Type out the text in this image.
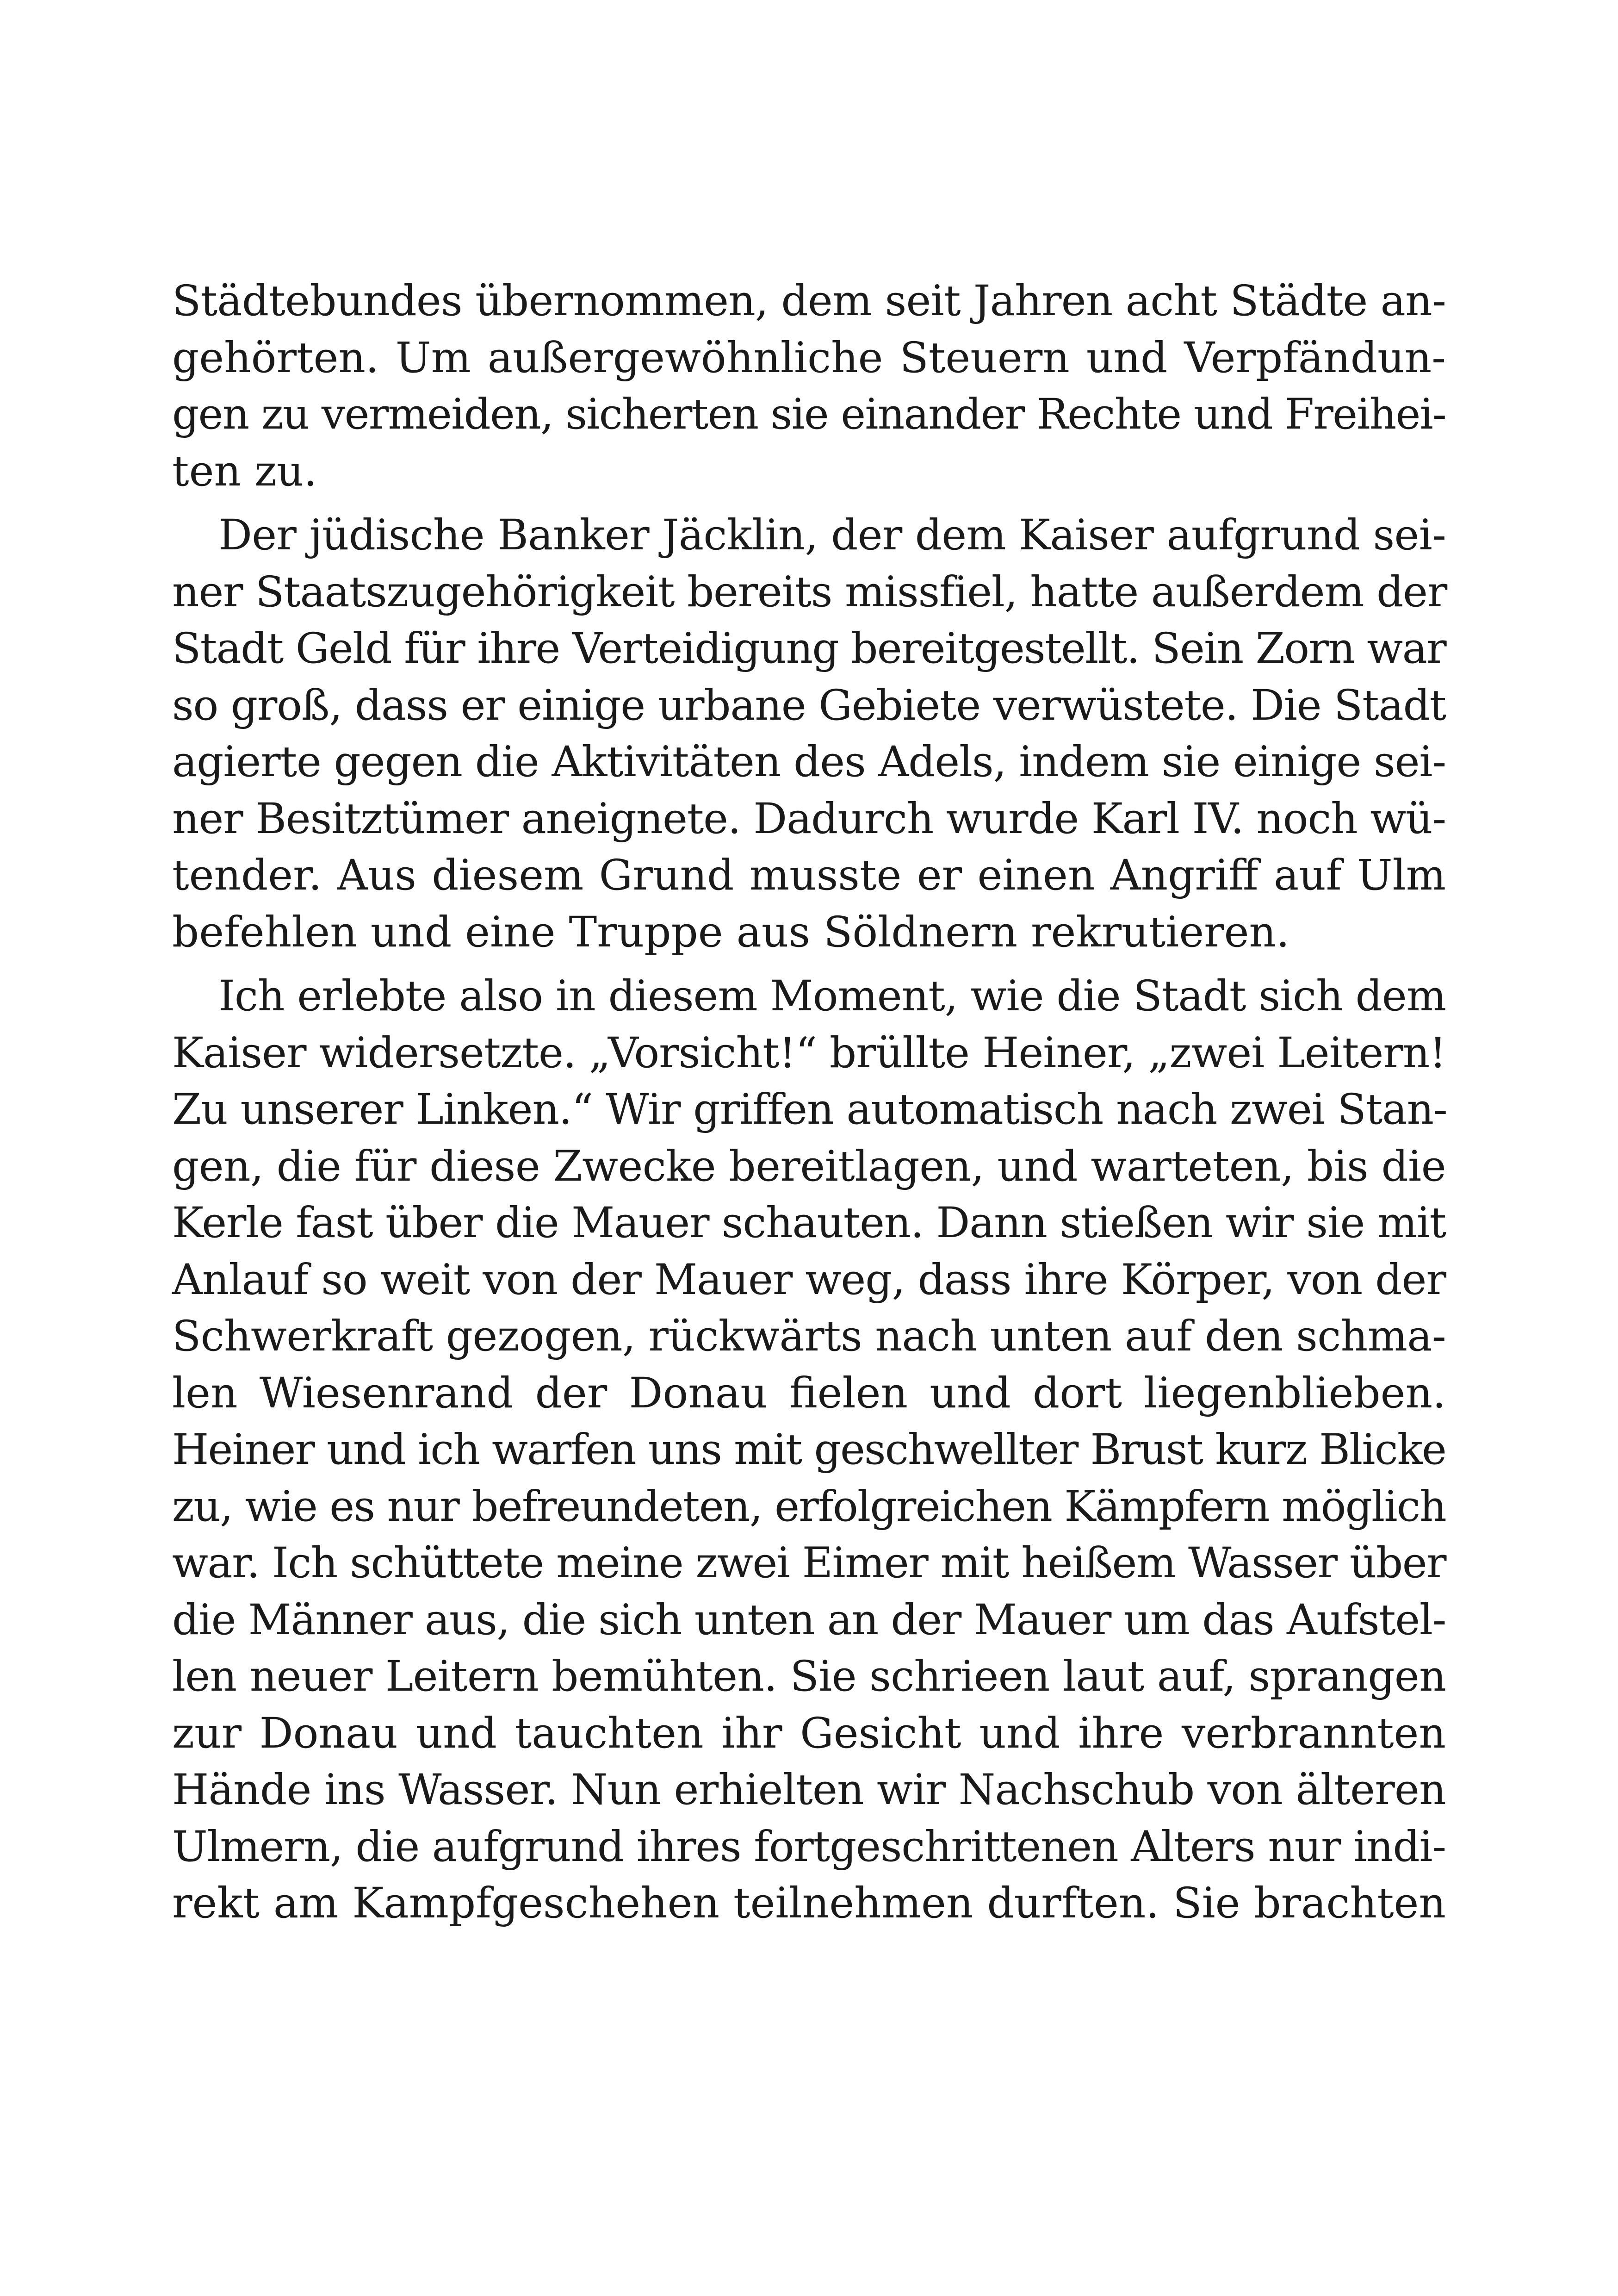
Städtebundes übernommen, dem seit Jahren acht Städte an-
gehörten. Um außergewöhnliche Steuern und Verpfändun-
gen zu vermeiden, sicherten sie einander Rechte und Freihei-
ten zu.
Der jüdische Banker Jäcklin, der dem Kaiser aufgrund sei-
ner Staatszugehörigkeit bereits missfiel, hatte außerdem der
Stadt Geld für ihre Verteidigung bereitgestellt. Sein Zorn war
so groß, dass er einige urbane Gebiete verwüstete. Die Stadt
agierte gegen die Aktivitäten des Adels, indem sie einige sei-
ner Besitztümer aneignete. Dadurch wurde Karl IV. noch wü-
tender. Aus diesem Grund musste er einen Angriff auf Ulm
befehlen und eine Truppe aus Söldnern rekrutieren.
Ich erlebte also in diesem Moment, wie die Stadt sich dem
Kaiser widersetzte. „Vorsicht!“ brüllte Heiner, „zwei Leitern!
Zu unserer Linken.“ Wir griffen automatisch nach zwei Stan-
gen, die für diese Zwecke bereitlagen, und warteten, bis die
Kerle fast über die Mauer schauten. Dann stießen wir sie mit
Anlauf so weit von der Mauer weg, dass ihre Körper, von der
Schwerkraft gezogen, rückwärts nach unten auf den schma-
len Wiesenrand der Donau fielen und dort liegenblieben.
Heiner und ich warfen uns mit geschwellter Brust kurz Blicke
zu, wie es nur befreundeten, erfolgreichen Kämpfern möglich
war. Ich schüttete meine zwei Eimer mit heißem Wasser über
die Männer aus, die sich unten an der Mauer um das Aufstel-
len neuer Leitern bemühten. Sie schrieen laut auf, sprangen
zur Donau und tauchten ihr Gesicht und ihre verbrannten
Hände ins Wasser. Nun erhielten wir Nachschub von älteren
Ulmern, die aufgrund ihres fortgeschrittenen Alters nur indi-
rekt am Kampfgeschehen teilnehmen durften. Sie brachten
